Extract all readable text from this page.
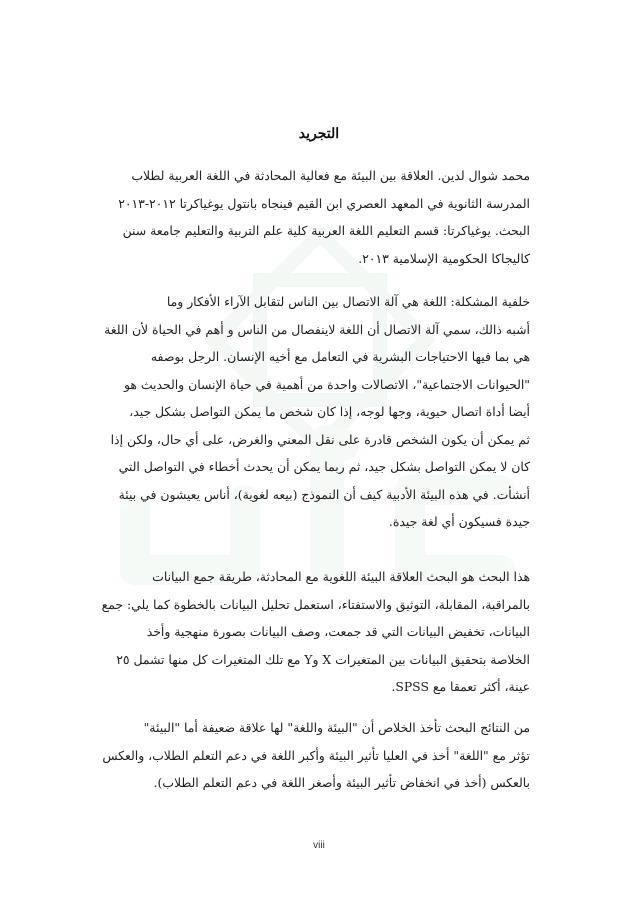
التجريد
محمد شوال لدين. العلاقة بين البيئة مع فعالية المحادثة في اللغة العربية لطلاب
المدرسة الثانوية في المعهد العصري ابن القيم فينجاه بانتول يوغياكرتا ٢٠١٢-٢٠١٣
البحث. يوغياكرتا: قسم التعليم اللغة العربية كلية علم التربية والتعليم جامعة سنن
كاليجاكا الحكومية الإسلامية ٢٠١٣.
خلفية المشكلة: اللغة هي آلة الاتصال بين الناس لتقابل الآراء الأفكار وما
أشبه ذالك، سمي آلة الاتصال أن اللغة لاينفصال من الناس و أهم في الحياة لأن اللغة
هي بما فيها الاحتياجات البشرية في التعامل مع أخيه الإنسان. الرجل بوصفه
"الحيوانات الاجتماعية"، الاتصالات واحدة من أهمية في حياة الإنسان والحديث هو
أيضا أداة اتصال حيوية، وجها لوجه، إذا كان شخص ما يمكن التواصل بشكل جيد،
ثم يمكن أن يكون الشخص قادرة على نقل المعني والغرض، على أي حال، ولكن إذا
كان لا يمكن التواصل بشكل جيد، ثم ربما يمكن أن يحدث أخطاء في التواصل التي
أنشأت. في هذه البيئة الأدبية كيف أن النموذج (بيعه لغوية)، أناس يعيشون في بيئة
جيدة فسيكون أي لغة جيدة.
هذا البحث هو البحث العلاقة البيئة اللغوية مع المحادثة، طريقة جمع البيانات
بالمراقبة، المقابلة، التوثيق والاستفتاء، استعمل تحليل البيانات بالخطوة كما يلي: جمع
البيانات، تخفيض البيانات التي قد جمعت، وصف البيانات بصورة منهجية وأخذ
الخلاصة بتحقيق البيانات بين المتغيرات X وY مع تلك المتغيرات كل منها تشمل ٢٥
عينة، أكثر تعمقا مع SPSS.
من النتائج البحث تأخذ الخلاص أن "البيئة واللغة" لها علاقة ضعيفة أما "البيئة"
تؤثر مع "اللغة" أخذ في العليا تأثير البيئة وأكبر اللغة في دعم التعلم الطلاب، والعكس
بالعكس (أخذ في انخفاض تأثير البيئة وأصغر اللغة في دعم التعلم الطلاب).
viii
